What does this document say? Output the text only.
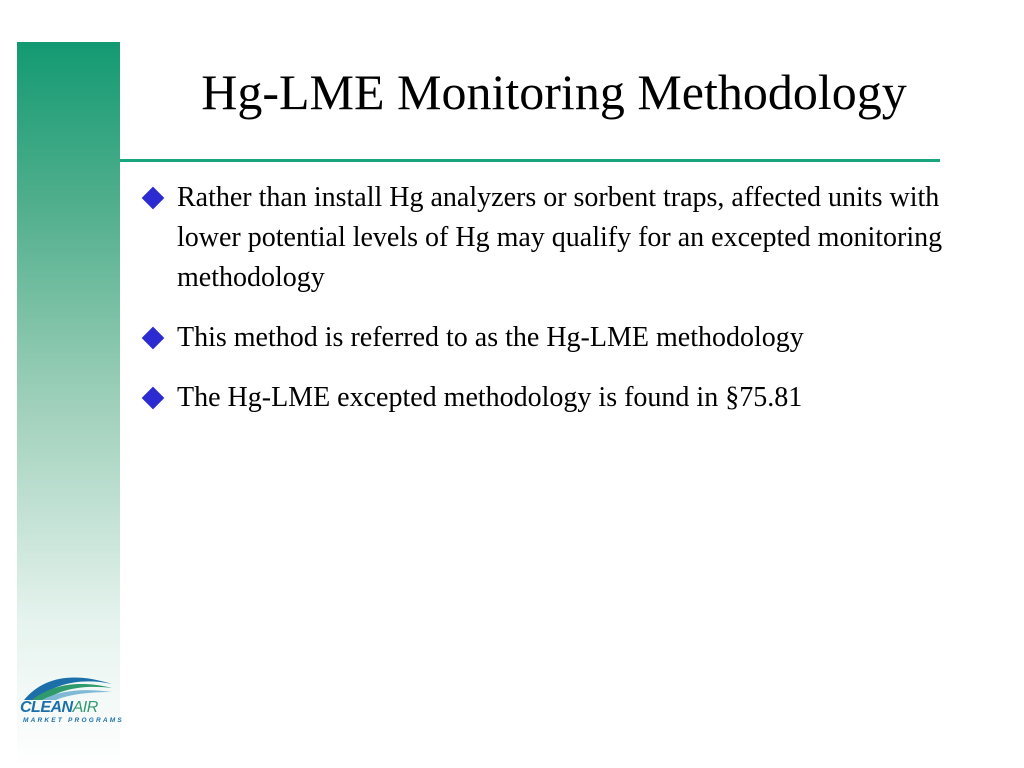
Hg-LME Monitoring Methodology
Rather than install Hg analyzers or sorbent traps, affected units with lower potential levels of Hg may qualify for an excepted monitoring methodology
This method is referred to as the Hg-LME methodology
The Hg-LME excepted methodology is found in §75.81
CLEANAIR
MARKET PROGRAMS
